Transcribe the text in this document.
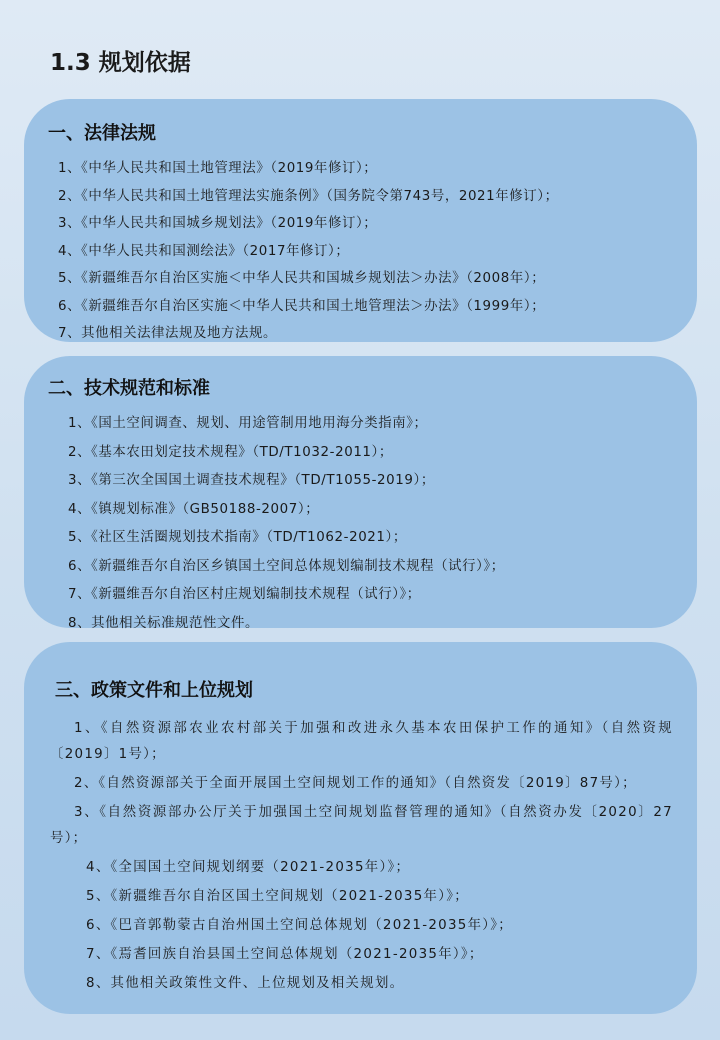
1.3 规划依据
一、法律法规
1、《中华人民共和国土地管理法》（2019年修订）；
2、《中华人民共和国土地管理法实施条例》（国务院令第743号，2021年修订）；
3、《中华人民共和国城乡规划法》（2019年修订）；
4、《中华人民共和国测绘法》（2017年修订）；
5、《新疆维吾尔自治区实施＜中华人民共和国城乡规划法＞办法》（2008年）；
6、《新疆维吾尔自治区实施＜中华人民共和国土地管理法＞办法》（1999年）；
7、其他相关法律法规及地方法规。
二、技术规范和标准
1、《国土空间调查、规划、用途管制用地用海分类指南》；
2、《基本农田划定技术规程》（TD/T1032-2011）；
3、《第三次全国国土调查技术规程》（TD/T1055-2019）；
4、《镇规划标准》（GB50188-2007）；
5、《社区生活圈规划技术指南》（TD/T1062-2021）；
6、《新疆维吾尔自治区乡镇国土空间总体规划编制技术规程（试行）》；
7、《新疆维吾尔自治区村庄规划编制技术规程（试行）》；
8、其他相关标准规范性文件。
三、政策文件和上位规划
1、《自然资源部农业农村部关于加强和改进永久基本农田保护工作的通知》（自然资规〔2019〕1号）；
2、《自然资源部关于全面开展国土空间规划工作的通知》（自然资发〔2019〕87号）；
3、《自然资源部办公厅关于加强国土空间规划监督管理的通知》（自然资办发〔2020〕27号）；
4、《全国国土空间规划纲要（2021-2035年）》；
5、《新疆维吾尔自治区国土空间规划（2021-2035年）》；
6、《巴音郭勒蒙古自治州国土空间总体规划（2021-2035年）》；
7、《焉耆回族自治县国土空间总体规划（2021-2035年）》；
8、其他相关政策性文件、上位规划及相关规划。
